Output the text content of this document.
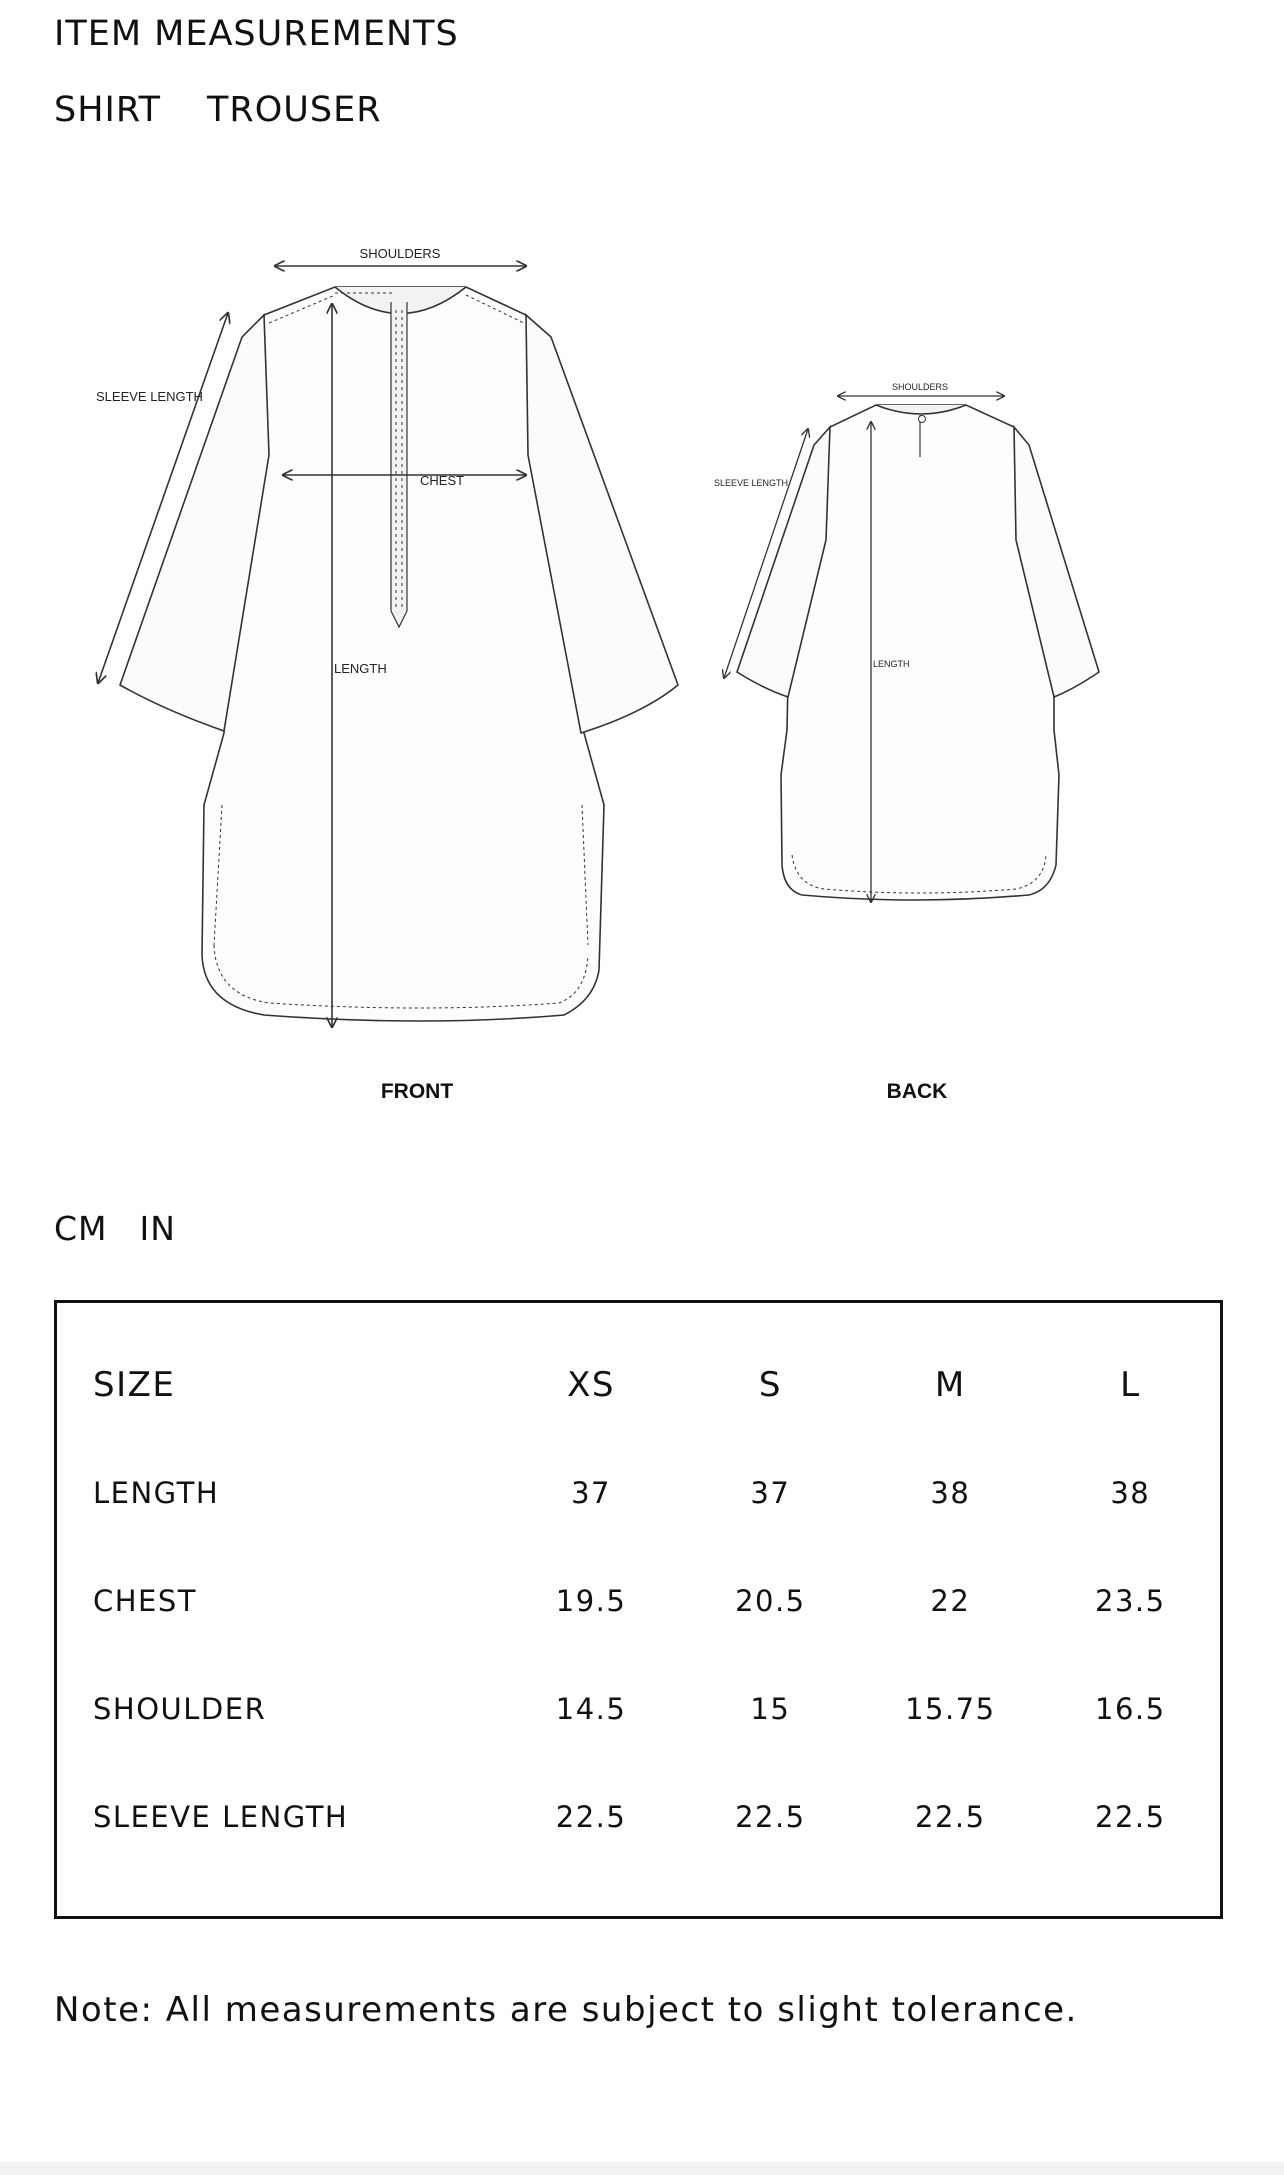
ITEM MEASUREMENTS
SHIRT TROUSER
SHOULDERS
SLEEVE LENGTH
CHEST
LENGTH
FRONT
SHOULDERS
SLEEVE LENGTH
LENGTH
BACK
CM IN
SIZE	XS	S	M	L
LENGTH	37	37	38	38
CHEST	19.5	20.5	22	23.5
SHOULDER	14.5	15	15.75	16.5
SLEEVE LENGTH	22.5	22.5	22.5	22.5

Note: All measurements are subject to slight tolerance.
